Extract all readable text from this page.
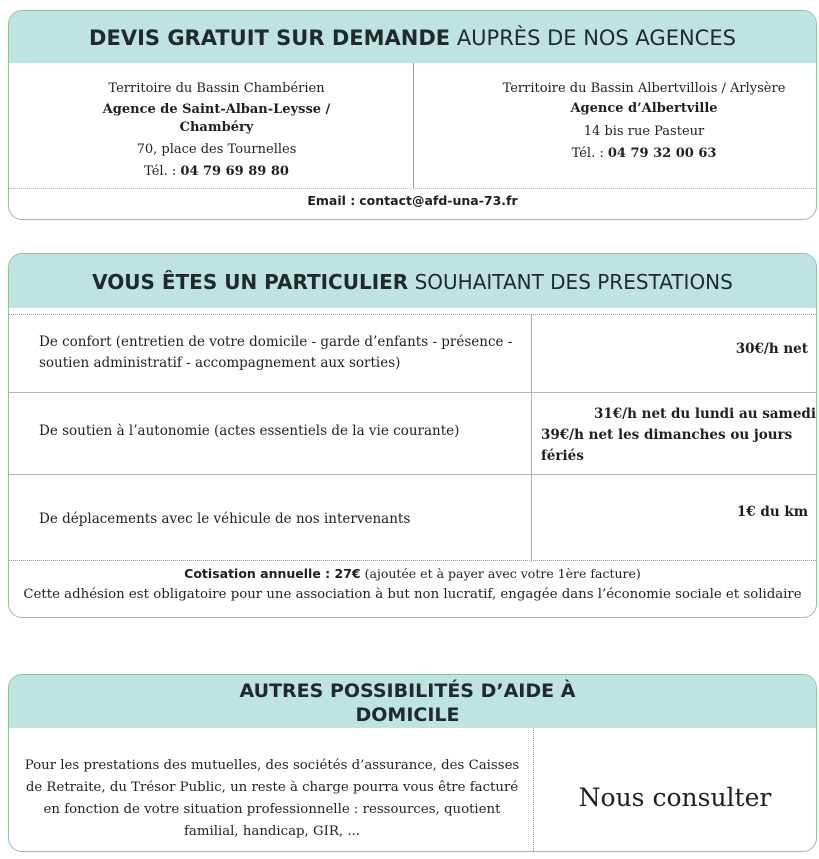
DEVIS GRATUIT SUR DEMANDE AUPRÈS DE NOS AGENCES
Territoire du Bassin Chambérien
Agence de Saint-Alban-Leysse /
Chambéry
70, place des Tournelles
Tél. : 04 79 69 89 80
Territoire du Bassin Albertvillois / Arlysère
Agence d’Albertville
14 bis rue Pasteur
Tél. : 04 79 32 00 63
Email : contact@afd-una-73.fr
VOUS ÊTES UN PARTICULIER SOUHAITANT DES PRESTATIONS
De confort (entretien de votre domicile - garde d’enfants - présence -
soutien administratif - accompagnement aux sorties)
30€/h net
De soutien à l’autonomie (actes essentiels de la vie courante)
31€/h net du lundi au samedi
39€/h net les dimanches ou jours
fériés
De déplacements avec le véhicule de nos intervenants	1€ du km
Cotisation annuelle : 27€ (ajoutée et à payer avec votre 1ère facture)
Cette adhésion est obligatoire pour une association à but non lucratif, engagée dans l’économie sociale et solidaire
AUTRES POSSIBILITÉS D’AIDE À
DOMICILE
Pour les prestations des mutuelles, des sociétés d’assurance, des Caisses
de Retraite, du Trésor Public, un reste à charge pourra vous être facturé
en fonction de votre situation professionnelle : ressources, quotient
familial, handicap, GIR, ...
Nous consulter
